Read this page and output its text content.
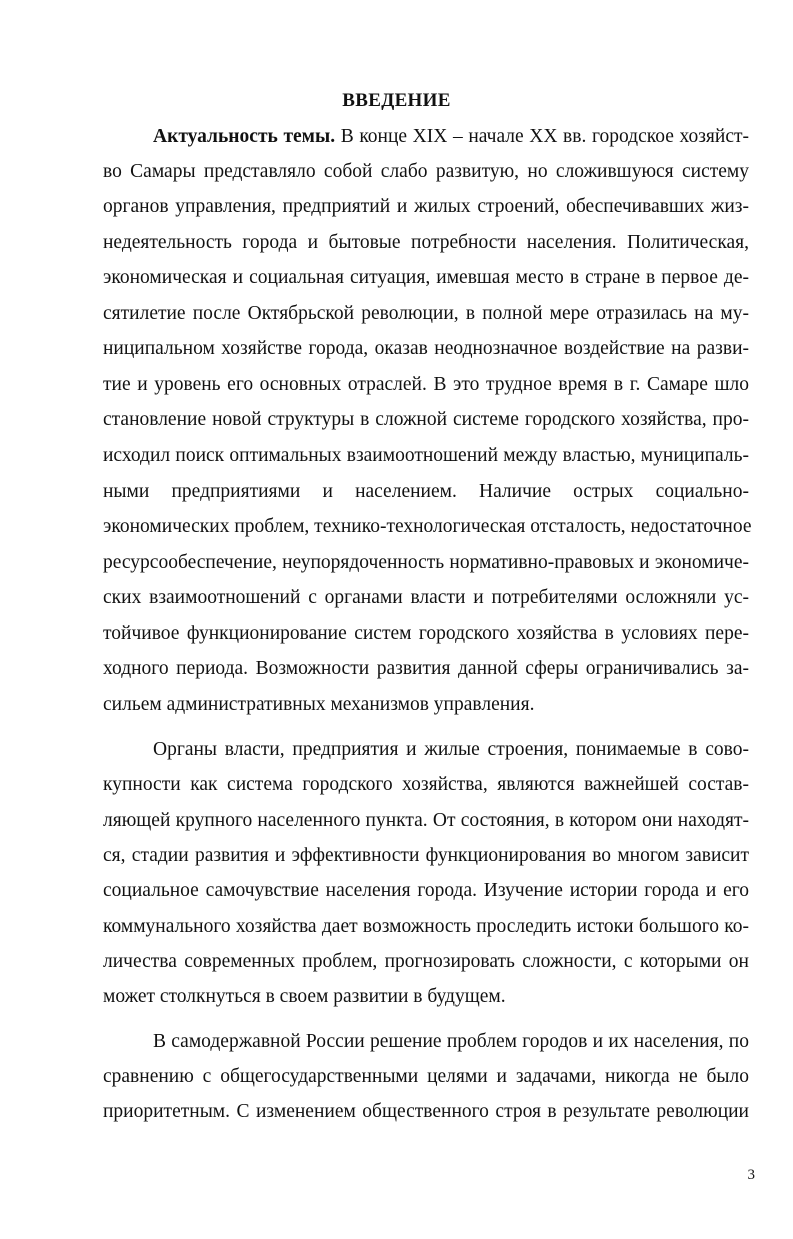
ВВЕДЕНИЕ
Актуальность темы. В конце XIX – начале XX вв. городское хозяйст-
во Самары представляло собой слабо развитую, но сложившуюся систему
органов управления, предприятий и жилых строений, обеспечивавших жиз-
недеятельность города и бытовые потребности населения. Политическая,
экономическая и социальная ситуация, имевшая место в стране в первое де-
сятилетие после Октябрьской революции, в полной мере отразилась на му-
ниципальном хозяйстве города, оказав неоднозначное воздействие на разви-
тие и уровень его основных отраслей. В это трудное время в г. Самаре шло
становление новой структуры в сложной системе городского хозяйства, про-
исходил поиск оптимальных взаимоотношений между властью, муниципаль-
ными предприятиями и населением. Наличие острых социально-
экономических проблем, технико-технологическая отсталость, недостаточное
ресурсообеспечение, неупорядоченность нормативно-правовых и экономиче-
ских взаимоотношений с органами власти и потребителями осложняли ус-
тойчивое функционирование систем городского хозяйства в условиях пере-
ходного периода. Возможности развития данной сферы ограничивались за-
сильем административных механизмов управления.
Органы власти, предприятия и жилые строения, понимаемые в сово-
купности как система городского хозяйства, являются важнейшей состав-
ляющей крупного населенного пункта. От состояния, в котором они находят-
ся, стадии развития и эффективности функционирования во многом зависит
социальное самочувствие населения города. Изучение истории города и его
коммунального хозяйства дает возможность проследить истоки большого ко-
личества современных проблем, прогнозировать сложности, с которыми он
может столкнуться в своем развитии в будущем.
В самодержавной России решение проблем городов и их населения, по
сравнению с общегосударственными целями и задачами, никогда не было
приоритетным. С изменением общественного строя в результате революции
3
